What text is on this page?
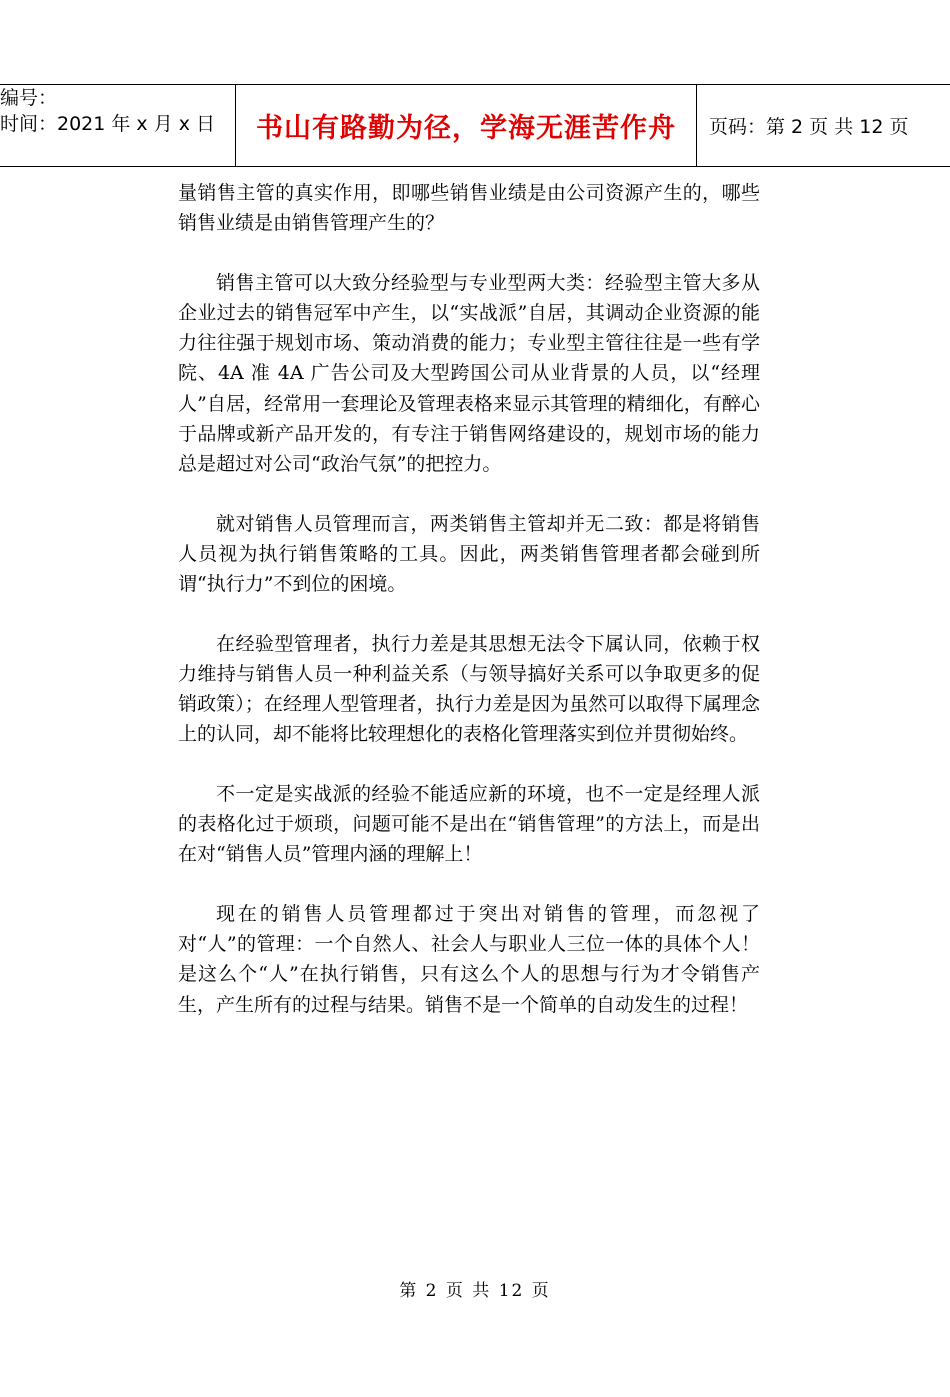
编号：
时间：2021 年 x 月 x 日	书山有路勤为径，学海无涯苦作舟 页码：第 2 页 共 12 页

量销售主管的真实作用，即哪些销售业绩是由公司资源产生的，哪些销售业绩是由销售管理产生的？

销售主管可以大致分经验型与专业型两大类：经验型主管大多从企业过去的销售冠军中产生，以“实战派”自居，其调动企业资源的能力往往强于规划市场、策动消费的能力；专业型主管往往是一些有学院、4A 准 4A 广告公司及大型跨国公司从业背景的人员，以“经理人”自居，经常用一套理论及管理表格来显示其管理的精细化，有醉心于品牌或新产品开发的，有专注于销售网络建设的，规划市场的能力总是超过对公司“政治气氛”的把控力。

就对销售人员管理而言，两类销售主管却并无二致：都是将销售人员视为执行销售策略的工具。因此，两类销售管理者都会碰到所谓“执行力”不到位的困境。

在经验型管理者，执行力差是其思想无法令下属认同，依赖于权力维持与销售人员一种利益关系（与领导搞好关系可以争取更多的促销政策）；在经理人型管理者，执行力差是因为虽然可以取得下属理念上的认同，却不能将比较理想化的表格化管理落实到位并贯彻始终。

不一定是实战派的经验不能适应新的环境，也不一定是经理人派的表格化过于烦琐，问题可能不是出在“销售管理”的方法上，而是出在对“销售人员”管理内涵的理解上！

现在的销售人员管理都过于突出对销售的管理，而忽视了对“人”的管理：一个自然人、社会人与职业人三位一体的具体个人！是这么个“人”在执行销售，只有这么个人的思想与行为才令销售产生，产生所有的过程与结果。销售不是一个简单的自动发生的过程！

第 2 页 共 12 页
